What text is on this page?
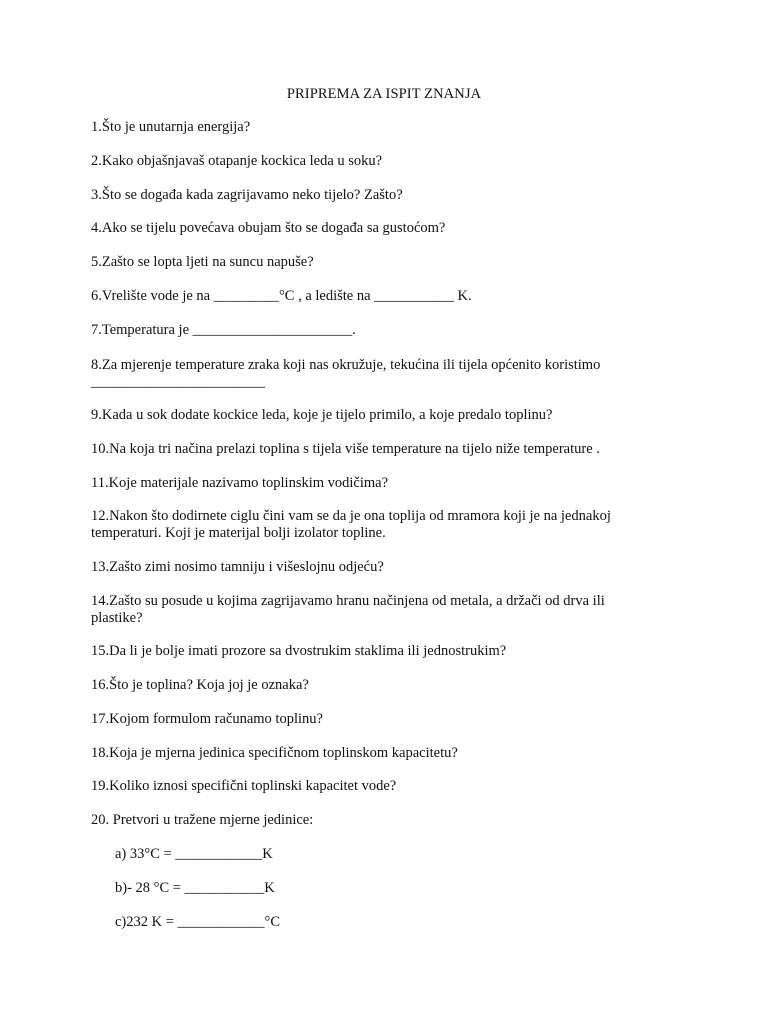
PRIPREMA ZA ISPIT ZNANJA
1.Što je unutarnja energija?
2.Kako objašnjavaš otapanje kockica leda u soku?
3.Što se događa kada zagrijavamo neko tijelo? Zašto?
4.Ako se tijelu povećava obujam što se događa sa gustoćom?
5.Zašto se lopta ljeti na suncu napuše?
6.Vrelište vode je na _________°C , a ledište na ___________ K.
7.Temperatura je ______________________.
8.Za mjerenje temperature zraka koji nas okružuje, tekućina ili tijela općenito koristimo
________________________
9.Kada u sok dodate kockice leda, koje je tijelo primilo, a koje predalo toplinu?
10.Na koja tri načina prelazi toplina s tijela više temperature na tijelo niže temperature .
11.Koje materijale nazivamo toplinskim vodičima?
12.Nakon što dodirnete ciglu čini vam se da je ona toplija od mramora koji je na jednakoj
temperaturi. Koji je materijal bolji izolator topline.
13.Zašto zimi nosimo tamniju i višeslojnu odjeću?
14.Zašto su posude u kojima zagrijavamo hranu načinjena od metala, a držači od drva ili
plastike?
15.Da li je bolje imati prozore sa dvostrukim staklima ili jednostrukim?
16.Što je toplina? Koja joj je oznaka?
17.Kojom formulom računamo toplinu?
18.Koja je mjerna jedinica specifičnom toplinskom kapacitetu?
19.Koliko iznosi specifični toplinski kapacitet vode?
20. Pretvori u tražene mjerne jedinice:
a) 33°C = ____________K
b)- 28 °C = ___________K
c)232 K = ____________°C
